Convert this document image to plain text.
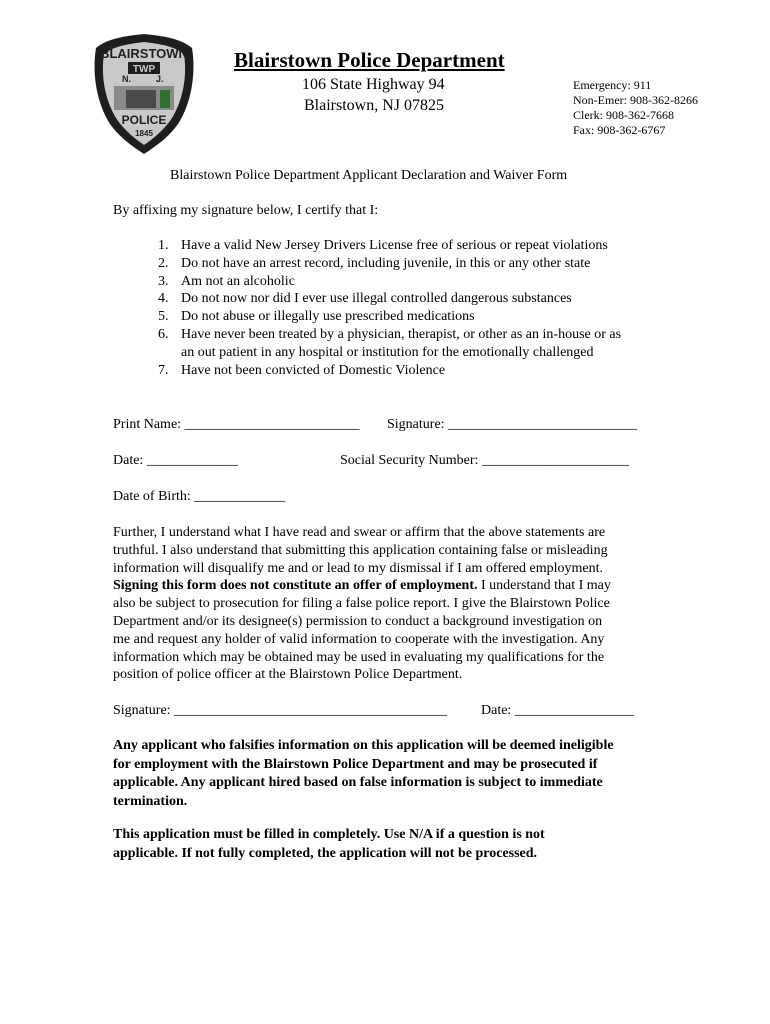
BLAIRSTOWN
TWP
N.	J.
POLICE
1845
Blairstown Police Department
106 State Highway 94
Blairstown, NJ 07825
Emergency: 911
Non-Emer: 908-362-8266
Clerk: 908-362-7668
Fax: 908-362-6767
Blairstown Police Department Applicant Declaration and Waiver Form
By affixing my signature below, I certify that I:
1. Have a valid New Jersey Drivers License free of serious or repeat violations
2. Do not have an arrest record, including juvenile, in this or any other state
3. Am not an alcoholic
4. Do not now nor did I ever use illegal controlled dangerous substances
5. Do not abuse or illegally use prescribed medications
6. Have never been treated by a physician, therapist, or other as an in-house or as
an out patient in any hospital or institution for the emotionally challenged
7. Have not been convicted of Domestic Violence
Print Name: _________________________ Signature: ___________________________
Date: _____________	Social Security Number: _____________________
Date of Birth: _____________
Further, I understand what I have read and swear or affirm that the above statements are
truthful. I also understand that submitting this application containing false or misleading
information will disqualify me and or lead to my dismissal if I am offered employment.
Signing this form does not constitute an offer of employment. I understand that I may
also be subject to prosecution for filing a false police report. I give the Blairstown Police
Department and/or its designee(s) permission to conduct a background investigation on
me and request any holder of valid information to cooperate with the investigation. Any
information which may be obtained may be used in evaluating my qualifications for the
position of police officer at the Blairstown Police Department.
Signature: _______________________________________ Date: _________________
Any applicant who falsifies information on this application will be deemed ineligible
for employment with the Blairstown Police Department and may be prosecuted if
applicable. Any applicant hired based on false information is subject to immediate
termination.
This application must be filled in completely. Use N/A if a question is not
applicable. If not fully completed, the application will not be processed.
